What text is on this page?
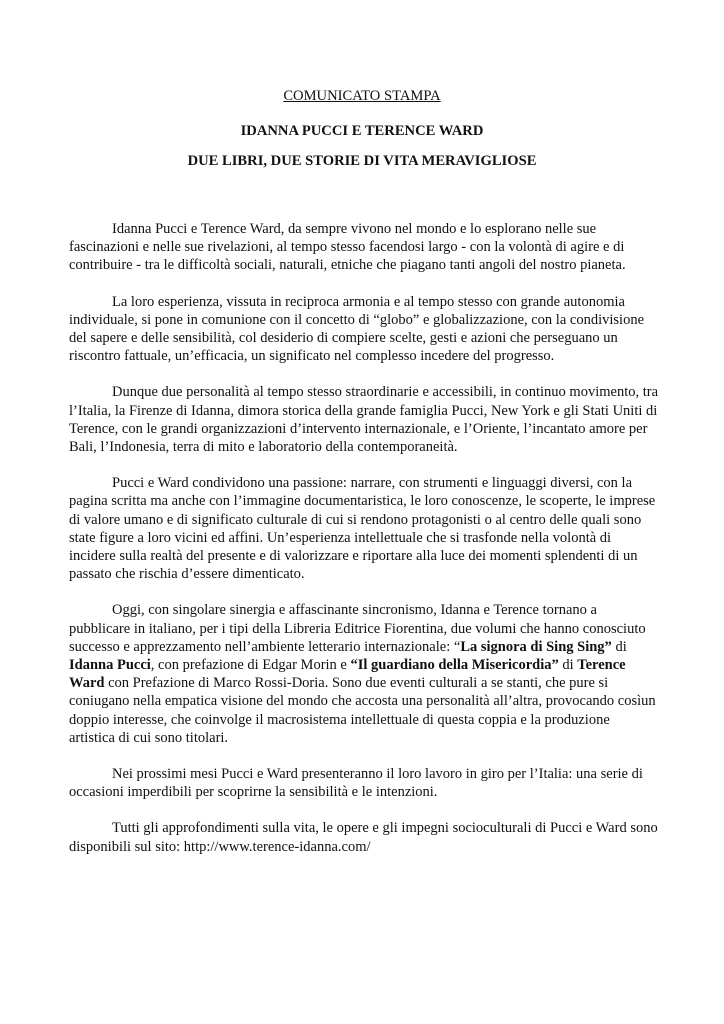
COMUNICATO STAMPA
IDANNA PUCCI E TERENCE WARD
DUE LIBRI, DUE STORIE DI VITA MERAVIGLIOSE

Idanna Pucci e Terence Ward, da sempre vivono nel mondo e lo esplorano nelle sue fascinazioni e nelle sue rivelazioni, al tempo stesso facendosi largo - con la volontà di agire e di contribuire - tra le difficoltà sociali, naturali, etniche che piagano tanti angoli del nostro pianeta.

La loro esperienza, vissuta in reciproca armonia e al tempo stesso con grande autonomia individuale, si pone in comunione con il concetto di “globo” e globalizzazione, con la condivisione del sapere e delle sensibilità, col desiderio di compiere scelte, gesti e azioni che perseguano un riscontro fattuale, un’efficacia, un significato nel complesso incedere del progresso.

Dunque due personalità al tempo stesso straordinarie e accessibili, in continuo movimento, tra l’Italia, la Firenze di Idanna, dimora storica della grande famiglia Pucci, New York e gli Stati Uniti di Terence, con le grandi organizzazioni d’intervento internazionale, e l’Oriente, l’incantato amore per Bali, l’Indonesia, terra di mito e laboratorio della contemporaneità.

Pucci e Ward condividono una passione: narrare, con strumenti e linguaggi diversi, con la pagina scritta ma anche con l’immagine documentaristica, le loro conoscenze, le scoperte, le imprese di valore umano e di significato culturale di cui si rendono protagonisti o al centro delle quali sono state figure a loro vicini ed affini. Un’esperienza intellettuale che si trasfonde nella volontà di incidere sulla realtà del presente e di valorizzare e riportare alla luce dei momenti splendenti di un passato che rischia d’essere dimenticato.

Oggi, con singolare sinergia e affascinante sincronismo, Idanna e Terence tornano a pubblicare in italiano, per i tipi della Libreria Editrice Fiorentina, due volumi che hanno conosciuto successo e apprezzamento nell’ambiente letterario internazionale: “La signora di Sing Sing” di Idanna Pucci, con prefazione di Edgar Morin e “Il guardiano della Misericordia” di Terence Ward con Prefazione di Marco Rossi-Doria. Sono due eventi culturali a se stanti, che pure si coniugano nella empatica visione del mondo che accosta una personalità all’altra, provocando cosìun doppio interesse, che coinvolge il macrosistema intellettuale di questa coppia e la produzione artistica di cui sono titolari.

Nei prossimi mesi Pucci e Ward presenteranno il loro lavoro in giro per l’Italia: una serie di occasioni imperdibili per scoprirne la sensibilità e le intenzioni.

Tutti gli approfondimenti sulla vita, le opere e gli impegni socioculturali di Pucci e Ward sono disponibili sul sito: http://www.terence-idanna.com/
